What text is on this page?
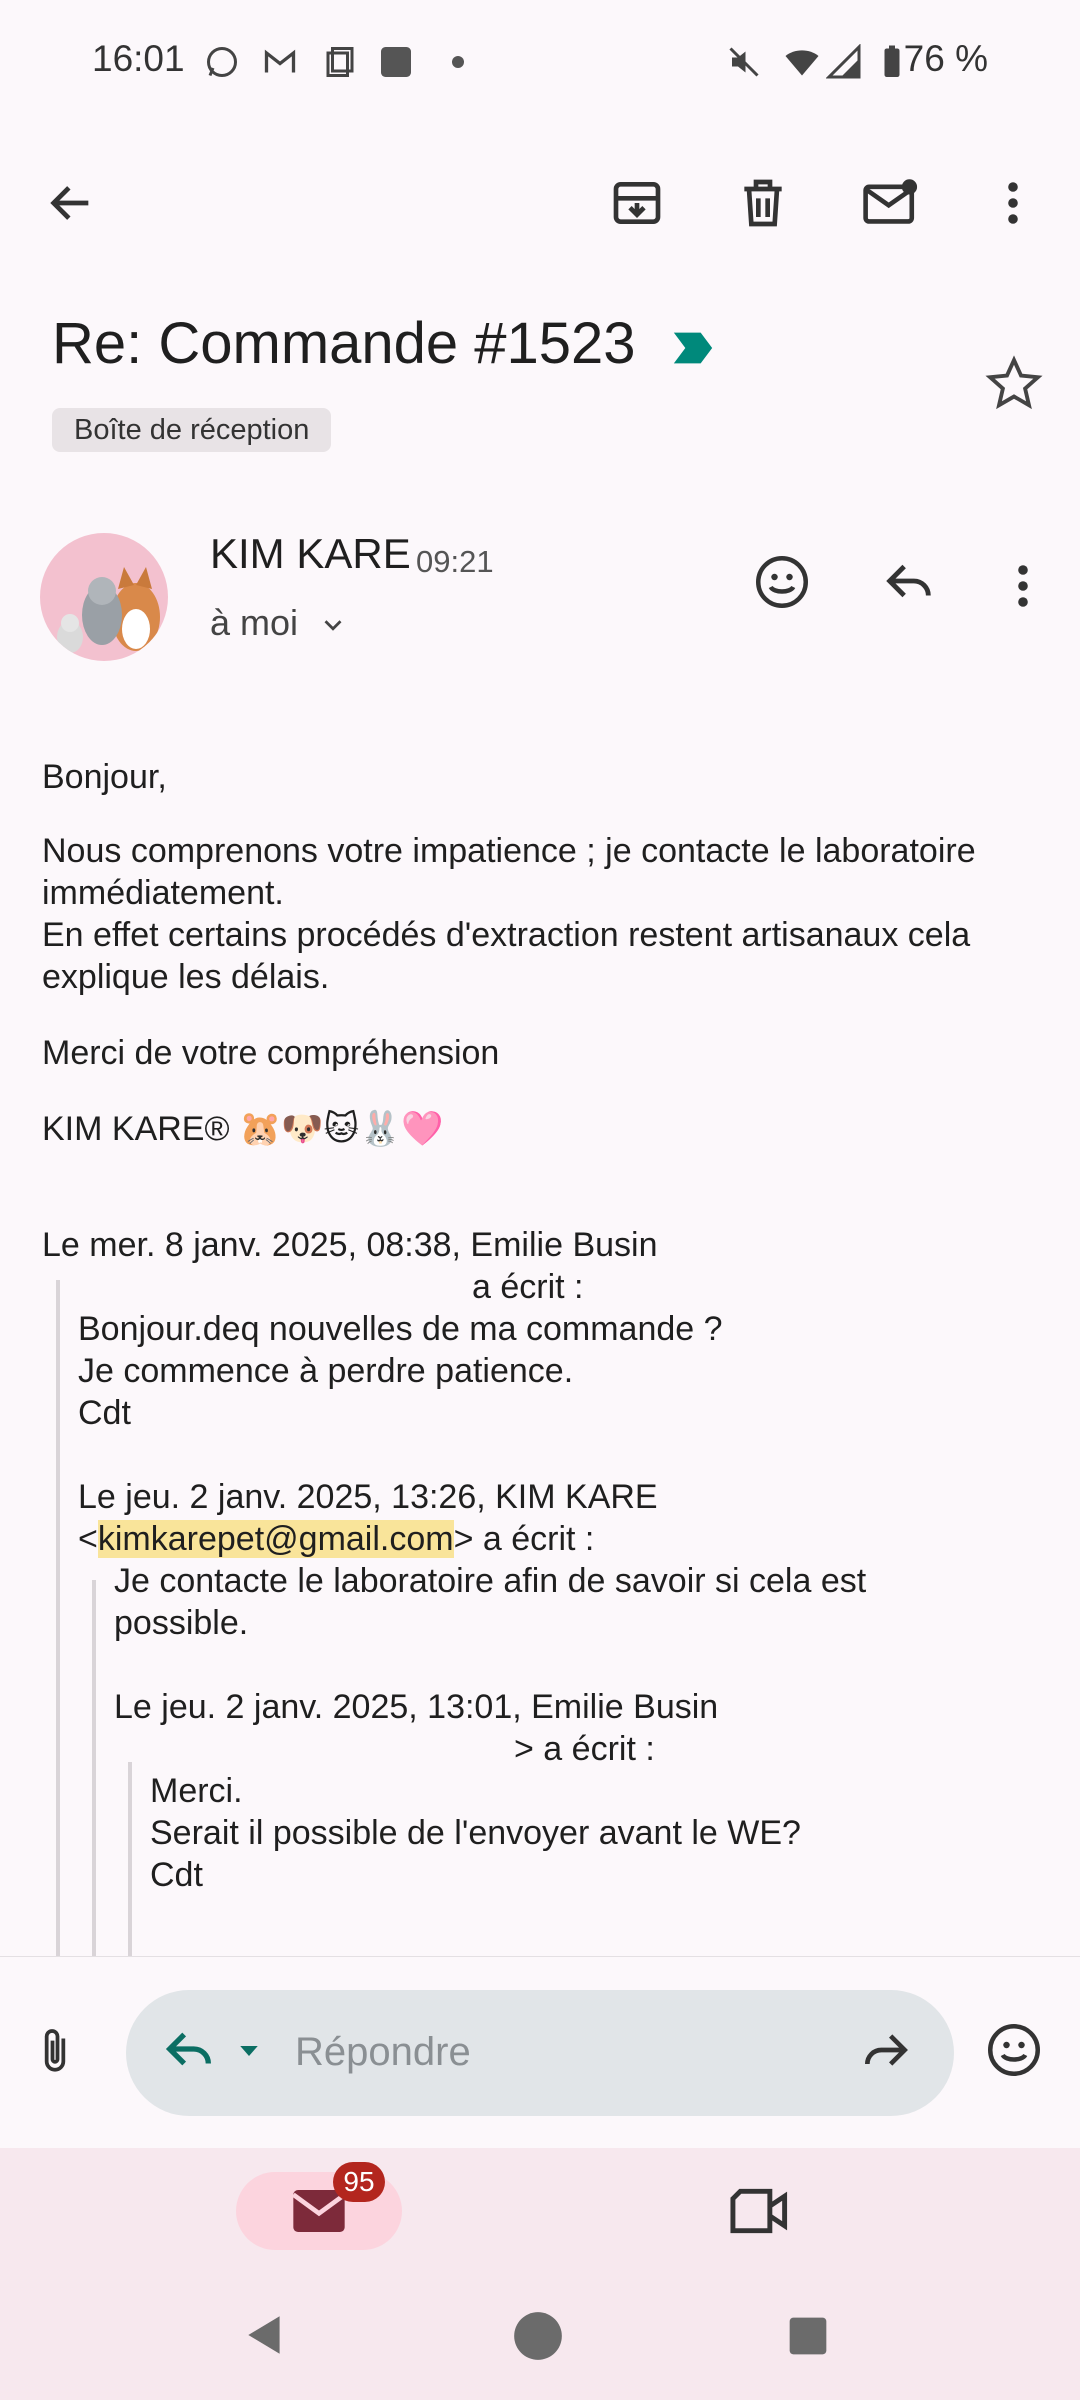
16:01	76 %
Re: Commande #1523
Boîte de réception
KIM KARE 09:21
à moi

Bonjour,

Nous comprenons votre impatience ; je contacte le laboratoire

immédiatement.

En effet certains procédés d'extraction restent artisanaux cela

explique les délais.

Merci de votre compréhension

KIM KARE® 🐹🐶🐱🐰🩷

Le mer. 8 janv. 2025, 08:38, Emilie Busin

a écrit :

Bonjour.deq nouvelles de ma commande ?

Je commence à perdre patience.

Cdt

Le jeu. 2 janv. 2025, 13:26, KIM KARE

<kimkarepet@gmail.com> a écrit :

Je contacte le laboratoire afin de savoir si cela est

possible.

Le jeu. 2 janv. 2025, 13:01, Emilie Busin

> a écrit :

Merci.

Serait il possible de l'envoyer avant le WE?

Cdt

Répondre
95
